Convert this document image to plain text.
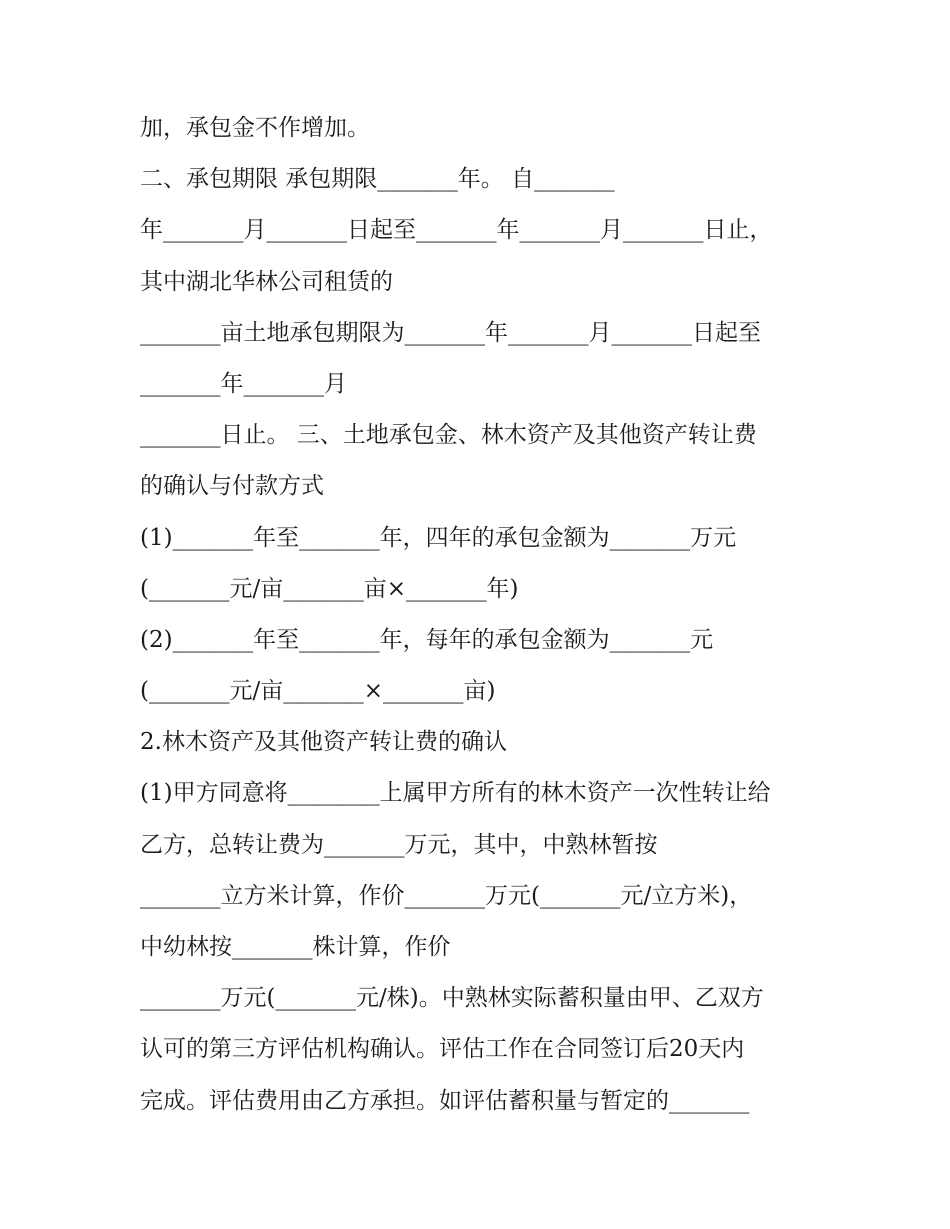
加，承包金不作增加。

二、承包期限 承包期限_______年。 自_______

年_______月_______日起至_______年_______月_______日止，

其中湖北华林公司租赁的

_______亩土地承包期限为_______年_______月_______日起至

_______年_______月

_______日止。 三、土地承包金、林木资产及其他资产转让费

的确认与付款方式

(1)_______年至_______年，四年的承包金额为_______万元

(_______元/亩_______亩×_______年)

(2)_______年至_______年，每年的承包金额为_______元

(_______元/亩_______×_______亩)

2.林木资产及其他资产转让费的确认

(1)甲方同意将________上属甲方所有的林木资产一次性转让给

乙方，总转让费为_______万元，其中，中熟林暂按

_______立方米计算，作价_______万元(_______元/立方米)，

中幼林按_______株计算，作价

_______万元(_______元/株)。中熟林实际蓄积量由甲、乙双方

认可的第三方评估机构确认。评估工作在合同签订后20天内

完成。评估费用由乙方承担。如评估蓄积量与暂定的_______
